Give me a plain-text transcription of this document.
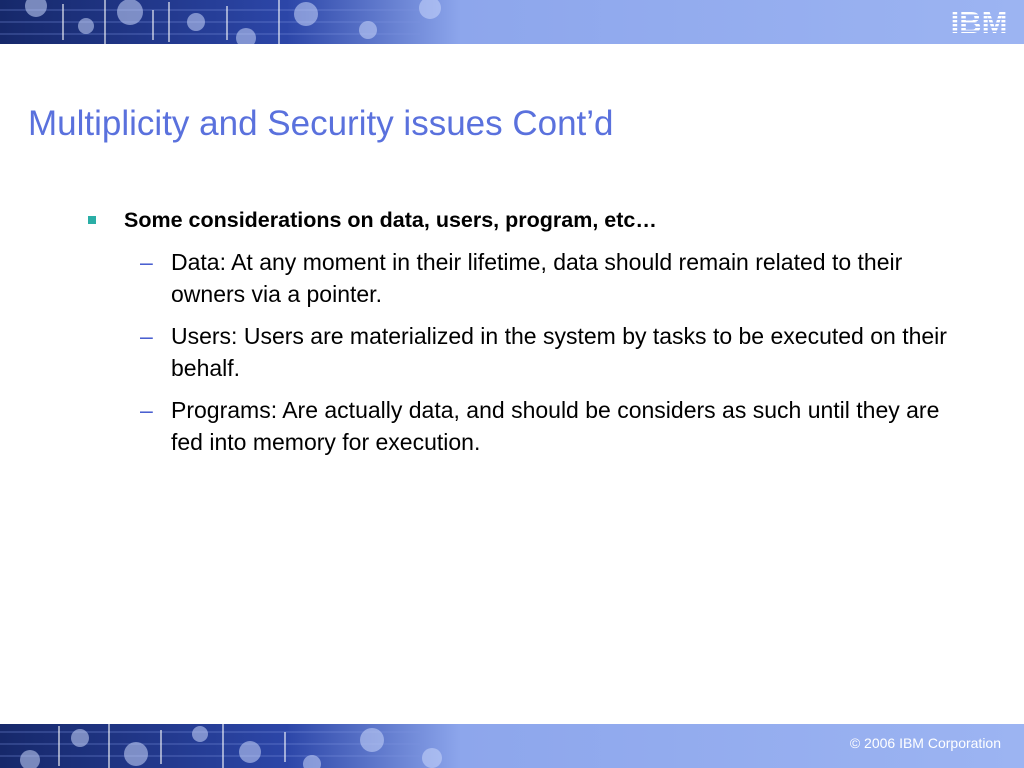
IBM
Multiplicity and Security issues Cont’d
Some considerations on data, users, program, etc…
– Data: At any moment in their lifetime, data should remain related to their owners via a pointer.
– Users: Users are materialized in the system by tasks to be executed on their behalf.
– Programs: Are actually data, and should be considers as such until they are fed into memory for execution.
© 2006 IBM Corporation
